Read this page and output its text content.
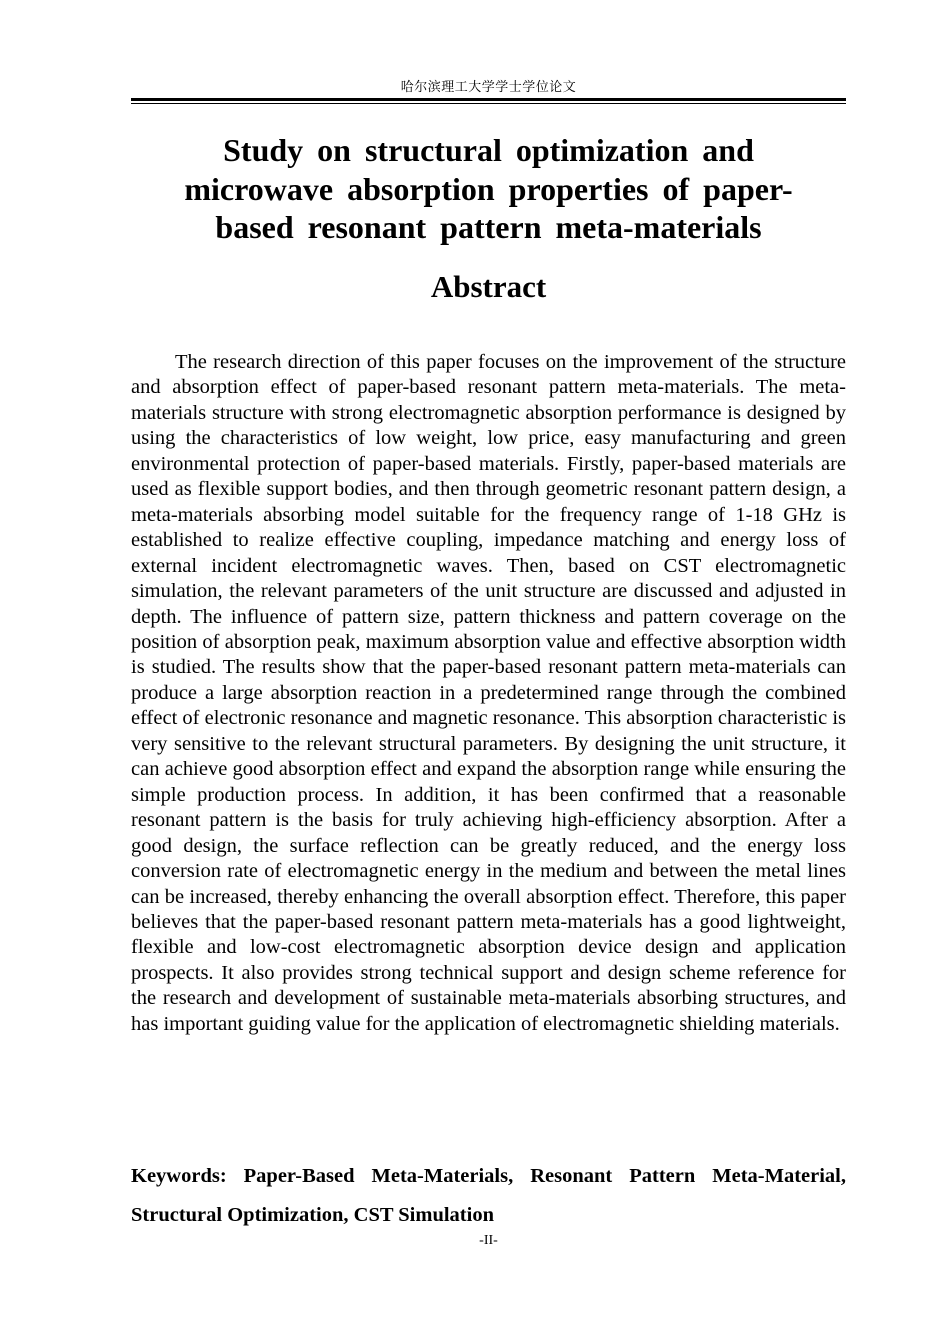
哈尔滨理工大学学士学位论文
Study on structural optimization and
microwave absorption properties of paper-
based resonant pattern meta-materials
Abstract

The research direction of this paper focuses on the improvement of the structure and absorption effect of paper-based resonant pattern meta-materials. The meta-materials structure with strong electromagnetic absorption performance is designed by using the characteristics of low weight, low price, easy manufacturing and green environmental protection of paper-based materials. Firstly, paper-based materials are used as flexible support bodies, and then through geometric resonant pattern design, a meta-materials absorbing model suitable for the frequency range of 1-18 GHz is established to realize effective coupling, impedance matching and energy loss of external incident electromagnetic waves. Then, based on CST electromagnetic simulation, the relevant parameters of the unit structure are discussed and adjusted in depth. The influence of pattern size, pattern thickness and pattern coverage on the position of absorption peak, maximum absorption value and effective absorption width is studied. The results show that the paper-based resonant pattern meta-materials can produce a large absorption reaction in a predetermined range through the combined effect of electronic resonance and magnetic resonance. This absorption characteristic is very sensitive to the relevant structural parameters. By designing the unit structure, it can achieve good absorption effect and expand the absorption range while ensuring the simple production process. In addition, it has been confirmed that a reasonable resonant pattern is the basis for truly achieving high-efficiency absorption. After a good design, the surface reflection can be greatly reduced, and the energy loss conversion rate of electromagnetic energy in the medium and between the metal lines can be increased, thereby enhancing the overall absorption effect. Therefore, this paper believes that the paper-based resonant pattern meta-materials has a good lightweight, flexible and low-cost electromagnetic absorption device design and application prospects. It also provides strong technical support and design scheme reference for the research and development of sustainable meta-materials absorbing structures, and has important guiding value for the application of electromagnetic shielding materials.

Keywords: Paper-Based Meta-Materials, Resonant Pattern Meta-Material, Structural Optimization, CST Simulation

-II-
